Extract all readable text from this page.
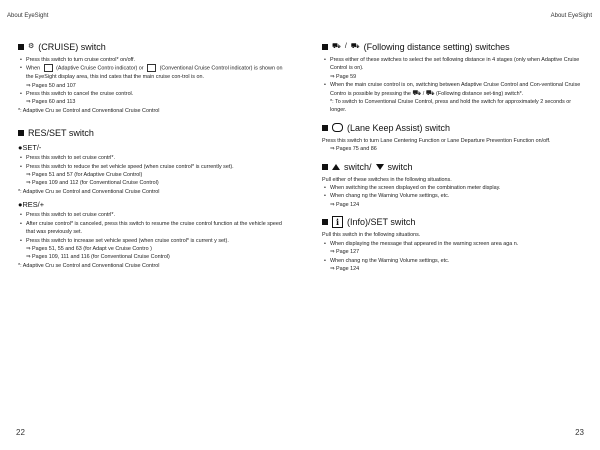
About EyeSight
⚙ (CRUISE) switch
• Press this switch to turn cruise control* on/off.
• When	(Adaptive Cruise Contro indicator) or	(Conventional Cruise Control indicator) is shown on the EyeSight display area, this ind cates that the main cruise con-trol is on.
⇒ Pages 50 and 107
• Press this switch to cancel the cruise control.
⇒ Pages 60 and 113
*: Adaptive Cru se Control and Conventional Cruise Control
RES/SET switch
●SET/-
• Press this switch to set cruise contrl*.
• Press this switch to reduce the set vehicle speed (when cruise control* is currently set).
⇒ Pages 51 and 57 (for Adaptive Cruise Control)
⇒ Pages 109 and 112 (for Conventional Cruise Control)
*: Adaptive Cru se Control and Conventional Cruise Control
●RES/+
• Press this switch to set cruise contrl*.
• After cruise control* is canceled, press this switch to resume the cruise control function at the vehicle speed that was previously set.
• Press this switch to increase set vehicle speed (when cruise control* is current y set).
⇒ Pages 51, 55 and 63 (for Adapt ve Cruise Contro )
⇒ Pages 109, 111 and 116 (for Conventional Cruise Control)
*: Adaptive Cru se Control and Conventional Cruise Control
22
About EyeSight
⛟ / ⛟ (Following distance setting) switches
• Press either of these switches to select the set following distance in 4 stages (only when Adaptive Cruise Control is on).
⇒ Page 59
• When the main cruise control is on, switching between Adaptive Cruise Control and Con-ventional Cruise Contro is possible by pressing the ⛟ / ⛟ (Following distance set-ting) switch*.
*: To switch to Conventional Cruise Control, press and hold the switch for approximately 2 seconds or longer.
(Lane Keep Assist) switch
Press this switch to turn Lane Centering Function or Lane Departure Prevention Function on/off.
⇒ Pages 75 and 86
switch/ switch
Pull either of these switches in the following situations.
• When switching the screen displayed on the combination meter display.
• When chang ng the Warning Volume settings, etc.
⇒ Page 124
i (Info)/SET switch
Pull this switch in the following situations.
• When displaying the message that appeared in the warning screen area aga n.
⇒ Page 127
• When chang ng the Warning Volume settings, etc.
⇒ Page 124
23
